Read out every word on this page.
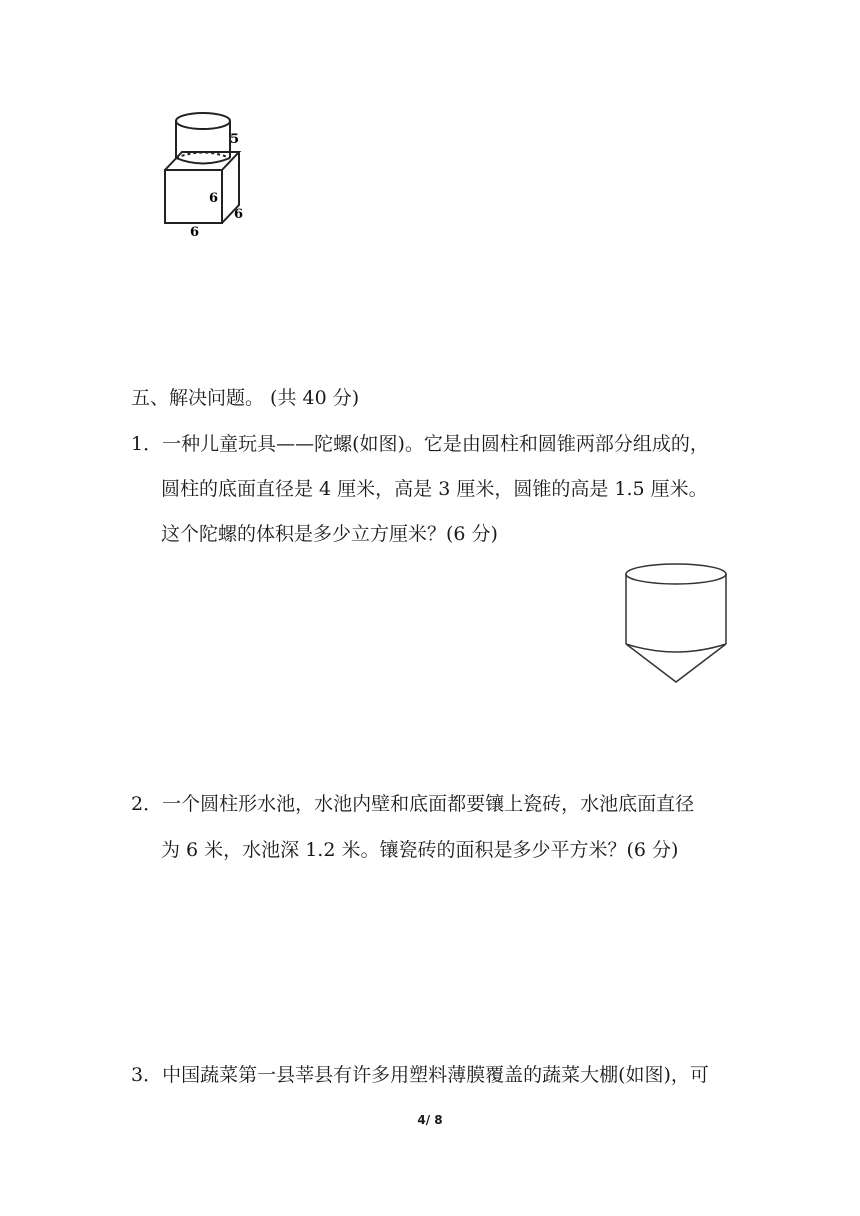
5
6
6
6
五、解决问题。 (共 40 分)
1．一种儿童玩具——陀螺(如图)。它是由圆柱和圆锥两部分组成的，
圆柱的底面直径是 4 厘米，高是 3 厘米，圆锥的高是 1.5 厘米。
这个陀螺的体积是多少立方厘米？(6 分)
2．一个圆柱形水池，水池内壁和底面都要镶上瓷砖，水池底面直径
为 6 米，水池深 1.2 米。镶瓷砖的面积是多少平方米？(6 分)
3．中国蔬菜第一县莘县有许多用塑料薄膜覆盖的蔬菜大棚(如图)，可
4/ 8
